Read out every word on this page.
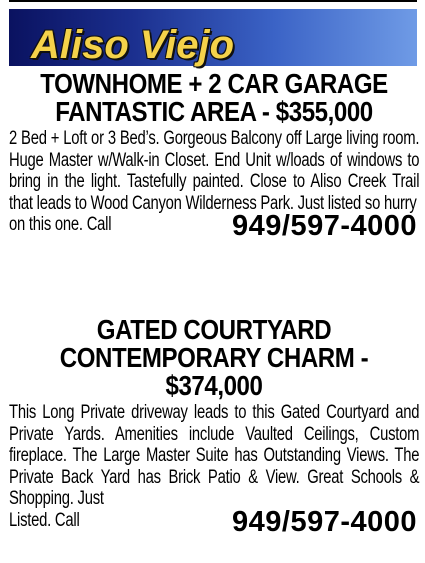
Aliso Viejo
TOWNHOME + 2 CAR GARAGE
FANTASTIC AREA - $355,000
2 Bed + Loft or 3 Bed’s. Gorgeous Balcony off Large living room. Huge Master w/Walk-in Closet. End Unit w/loads of windows to bring in the light. Tastefully painted. Close to Aliso Creek Trail that leads to Wood Canyon Wilderness Park. Just listed so hurry
on this one. Call	949/597-4000
GATED COURTYARD
CONTEMPORARY CHARM -
$374,000
This Long Private driveway leads to this Gated Courtyard and Private Yards. Amenities include Vaulted Ceilings, Custom fireplace. The Large Master Suite has Outstanding Views. The Private Back Yard has Brick Patio & View. Great Schools & Shopping. Just
Listed. Call	949/597-4000
